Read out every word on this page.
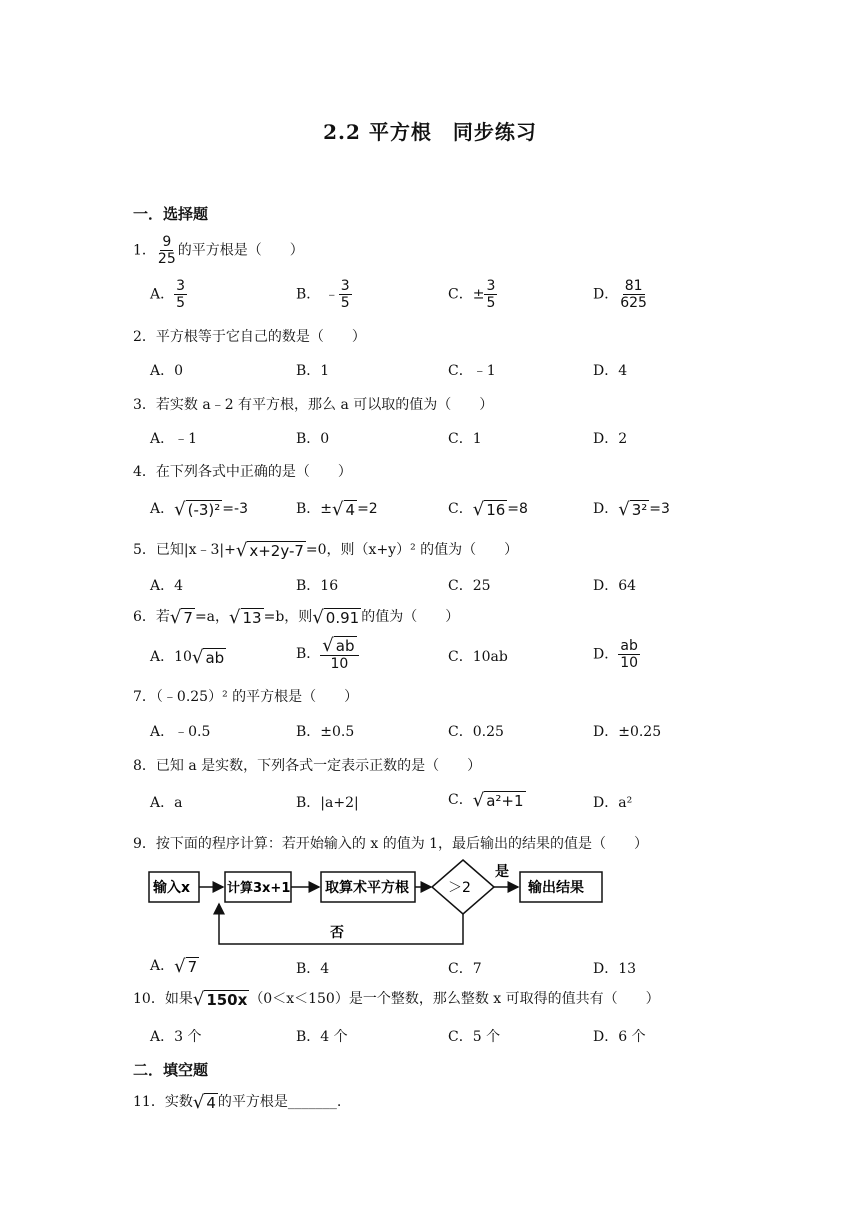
2.2 平方根　同步练习
一．选择题
1． $\frac{9}{25}$ 的平方根是（　　）
A． $\frac{3}{5}$	B． ﹣ $\frac{3}{5}$	C．± $\frac{3}{5}$	D． $\frac{81}{625}$
2．平方根等于它自己的数是（　　）
A．0	B．1	C．﹣1	D．4
3．若实数 a﹣2 有平方根，那么 a 可以取的值为（　　）
A．﹣1	B．0	C．1	D．2
4．在下列各式中正确的是（　　）
A． √ (-3)² =-3	B．± √ 4 =2	C． √ 16 =8	D． √ 3² =3
5．已知|x﹣3|+ √ x+2y-7 =0，则（x+y）² 的值为（　　）
A．4	B．16	C．25	D．64
6．若 √ 7 =a， √ 13 =b，则 √ 0.91 的值为（　　）
A．10 √ ab	B． $\frac{√ ab}{10}$	C．10ab	D． $\frac{ab}{10}$
7．（﹣0.25）² 的平方根是（　　）
A．﹣0.5	B．±0.5	C．0.25	D．±0.25
8．已知 a 是实数，下列各式一定表示正数的是（　　）
A．a	B．|a+2|	C． √ a²+1	D．a²
9．按下面的程序计算：若开始输入的 x 的值为 1，最后输出的结果的值是（　　）
输入x	计算3x+1 取算术平方根	＞2
是
输出结果
否
A． √ 7	B．4	C．7	D．13
10．如果 √ 150x （0＜x＜150）是一个整数，那么整数 x 可取得的值共有（　　）
A．3 个	B．4 个	C．5 个	D．6 个
二．填空题
11．实数 √ 4 的平方根是_______.
